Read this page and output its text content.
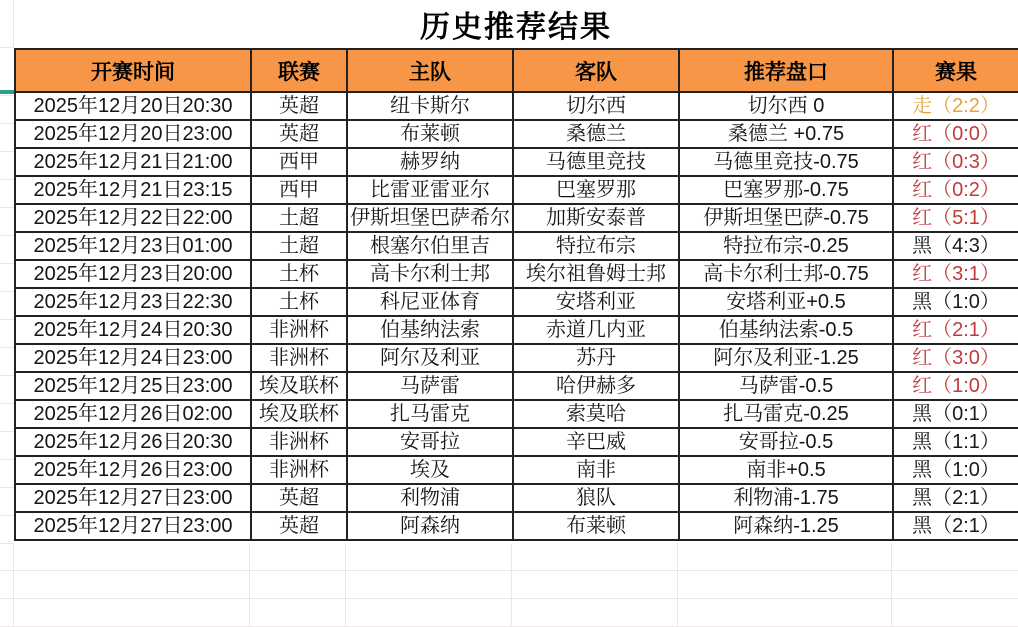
历史推荐结果
开赛时间	联赛	主队	客队	推荐盘口	赛果
2025年12月20日20:30	英超	纽卡斯尔	切尔西	切尔西 0	走（2:2）
2025年12月20日23:00	英超	布莱顿	桑德兰	桑德兰 +0.75	红（0:0）
2025年12月21日21:00	西甲	赫罗纳	马德里竞技	马德里竞技-0.75	红（0:3）
2025年12月21日23:15	西甲	比雷亚雷亚尔	巴塞罗那	巴塞罗那-0.75	红（0:2）
2025年12月22日22:00	土超	伊斯坦堡巴萨希尔	加斯安泰普	伊斯坦堡巴萨-0.75	红（5:1）
2025年12月23日01:00	土超	根塞尔伯里吉	特拉布宗	特拉布宗-0.25	黑（4:3）
2025年12月23日20:00	土杯	高卡尔利士邦	埃尔祖鲁姆士邦	高卡尔利士邦-0.75	红（3:1）
2025年12月23日22:30	土杯	科尼亚体育	安塔利亚	安塔利亚+0.5	黑（1:0）
2025年12月24日20:30	非洲杯	伯基纳法索	赤道几内亚	伯基纳法索-0.5	红（2:1）
2025年12月24日23:00	非洲杯	阿尔及利亚	苏丹	阿尔及利亚-1.25	红（3:0）
2025年12月25日23:00	埃及联杯	马萨雷	哈伊赫多	马萨雷-0.5	红（1:0）
2025年12月26日02:00	埃及联杯	扎马雷克	索莫哈	扎马雷克-0.25	黑（0:1）
2025年12月26日20:30	非洲杯	安哥拉	辛巴威	安哥拉-0.5	黑（1:1）
2025年12月26日23:00	非洲杯	埃及	南非	南非+0.5	黑（1:0）
2025年12月27日23:00	英超	利物浦	狼队	利物浦-1.75	黑（2:1）
2025年12月27日23:00	英超	阿森纳	布莱顿	阿森纳-1.25	黑（2:1）
